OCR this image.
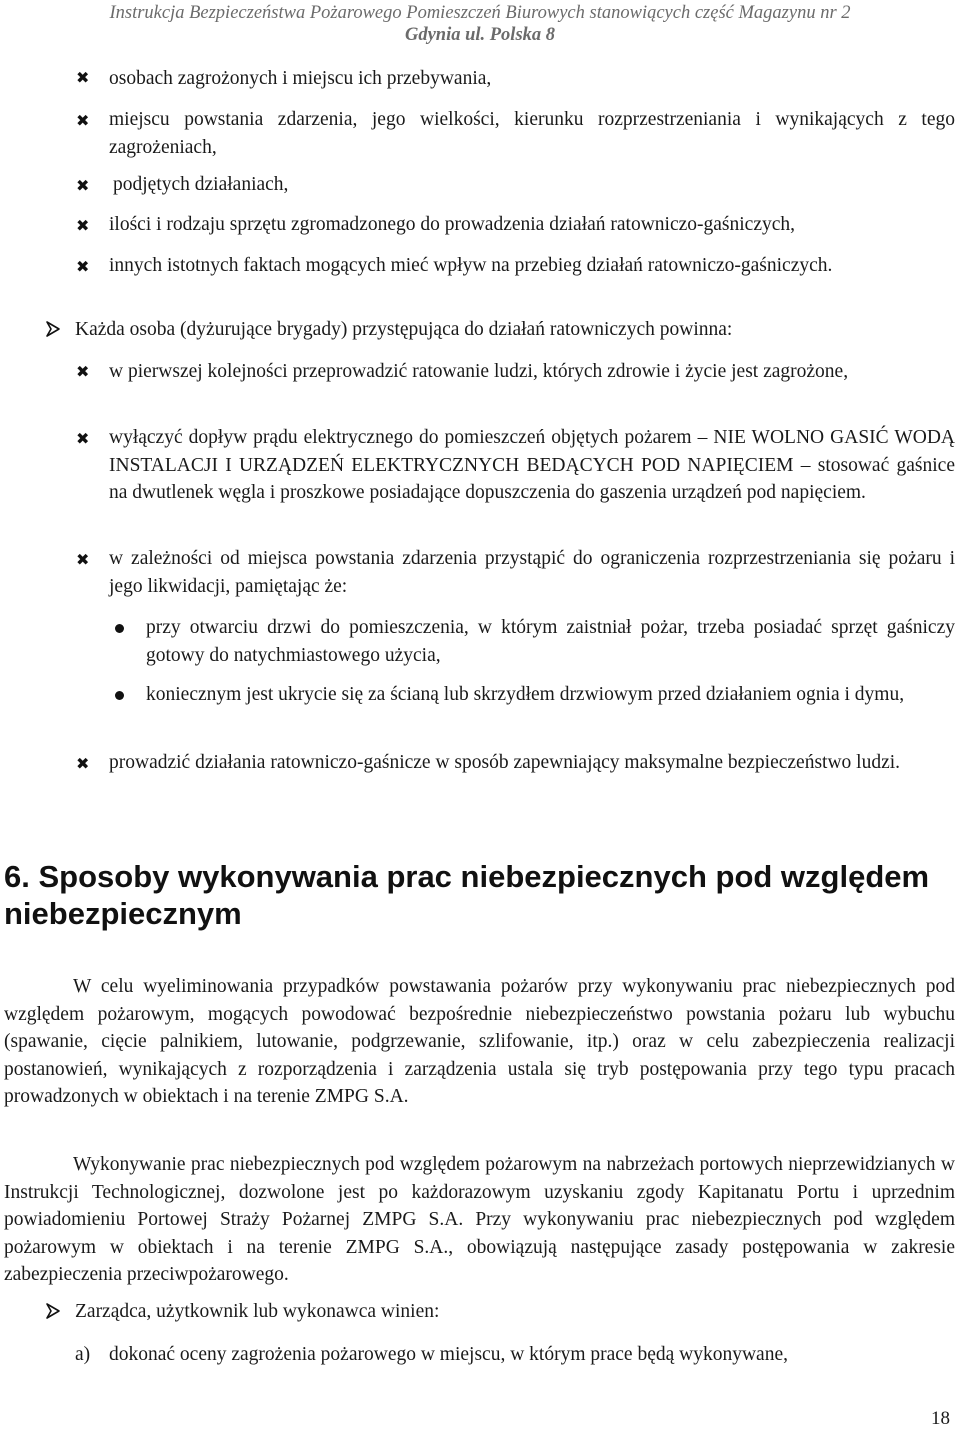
Instrukcja Bezpieczeństwa Pożarowego Pomieszczeń Biurowych stanowiących część Magazynu nr 2
Gdynia ul. Polska 8
✖ osobach zagrożonych i miejscu ich przebywania,

✖ miejscu powstania zdarzenia, jego wielkości, kierunku rozprzestrzeniania i wynikających z tego zagrożeniach,

✖ podjętych działaniach,

✖ ilości i rodzaju sprzętu zgromadzonego do prowadzenia działań ratowniczo-gaśniczych,

✖ innych istotnych faktach mogących mieć wpływ na przebieg działań ratowniczo-gaśniczych.

Każda osoba (dyżurujące brygady) przystępująca do działań ratowniczych powinna:

✖ w pierwszej kolejności przeprowadzić ratowanie ludzi, których zdrowie i życie jest zagrożone,

✖ wyłączyć dopływ prądu elektrycznego do pomieszczeń objętych pożarem – NIE WOLNO GASIĆ WODĄ INSTALACJI I URZĄDZEŃ ELEKTRYCZNYCH BEDĄCYCH POD NAPIĘCIEM – stosować gaśnice na dwutlenek węgla i proszkowe posiadające dopuszczenia do gaszenia urządzeń pod napięciem.

✖ w zależności od miejsca powstania zdarzenia przystąpić do ograniczenia rozprzestrzeniania się pożaru i jego likwidacji, pamiętając że:

przy otwarciu drzwi do pomieszczenia, w którym zaistniał pożar, trzeba posiadać sprzęt gaśniczy gotowy do natychmiastowego użycia,

koniecznym jest ukrycie się za ścianą lub skrzydłem drzwiowym przed działaniem ognia i dymu,

✖ prowadzić działania ratowniczo-gaśnicze w sposób zapewniający maksymalne bezpieczeństwo ludzi.

6. Sposoby wykonywania prac niebezpiecznych pod względem niebezpiecznym

W celu wyeliminowania przypadków powstawania pożarów przy wykonywaniu prac niebezpiecznych pod względem pożarowym, mogących powodować bezpośrednie niebezpieczeństwo powstania pożaru lub wybuchu (spawanie, cięcie palnikiem, lutowanie, podgrzewanie, szlifowanie, itp.) oraz w celu zabezpieczenia realizacji postanowień, wynikających z rozporządzenia i zarządzenia ustala się tryb postępowania przy tego typu pracach prowadzonych w obiektach i na terenie ZMPG S.A.

Wykonywanie prac niebezpiecznych pod względem pożarowym na nabrzeżach portowych nieprzewidzianych w Instrukcji Technologicznej, dozwolone jest po każdorazowym uzyskaniu zgody Kapitanatu Portu i uprzednim powiadomieniu Portowej Straży Pożarnej ZMPG S.A. Przy wykonywaniu prac niebezpiecznych pod względem pożarowym w obiektach i na terenie ZMPG S.A., obowiązują następujące zasady postępowania w zakresie zabezpieczenia przeciwpożarowego.

Zarządca, użytkownik lub wykonawca winien:

a) dokonać oceny zagrożenia pożarowego w miejscu, w którym prace będą wykonywane,

18
